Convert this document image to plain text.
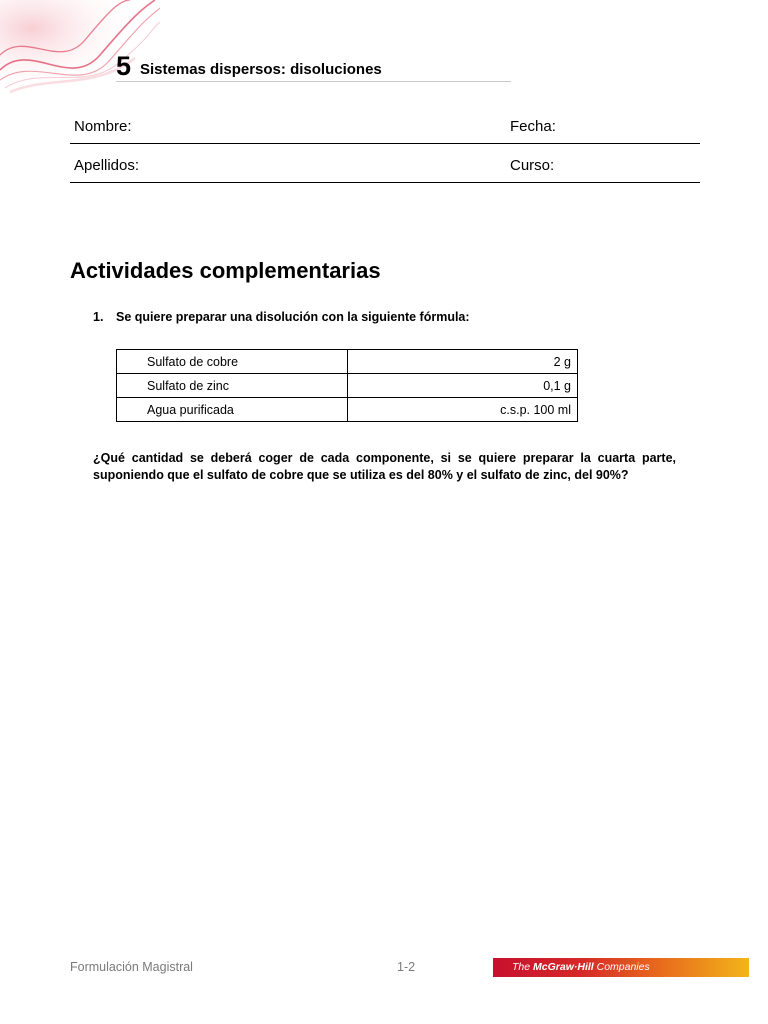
5 Sistemas dispersos: disoluciones
Nombre:	Fecha:
Apellidos:	Curso:
Actividades complementarias
1. Se quiere preparar una disolución con la siguiente fórmula:
Sulfato de cobre	2 g
Sulfato de zinc	0,1 g
Agua purificada	c.s.p. 100 ml

¿Qué cantidad se deberá coger de cada componente, si se quiere preparar la cuarta parte, suponiendo que el sulfato de cobre que se utiliza es del 80% y el sulfato de zinc, del 90%?

Formulación Magistral	1-2	The McGraw·Hill Companies
